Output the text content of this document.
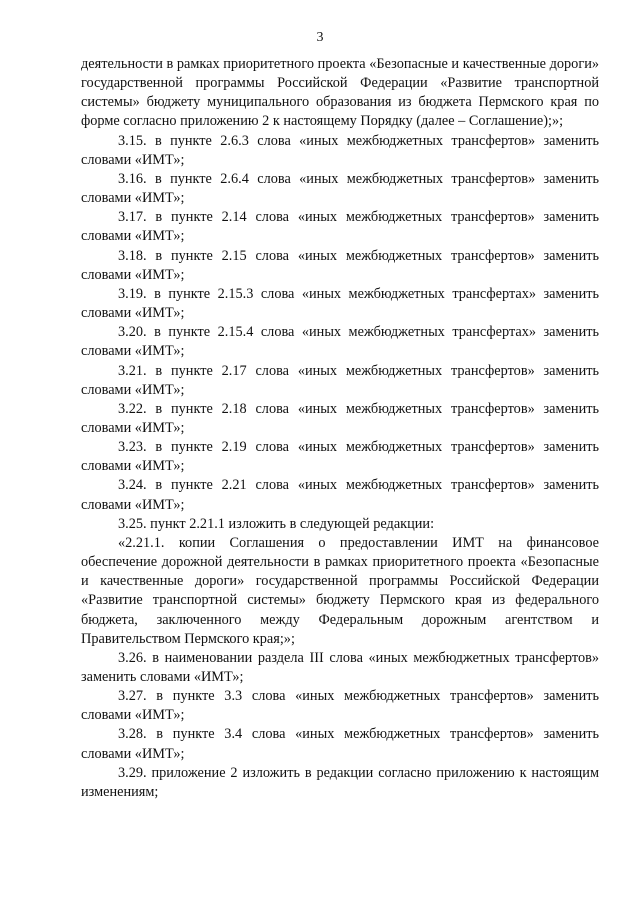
3

деятельности в рамках приоритетного проекта «Безопасные и качественные дороги» государственной программы Российской Федерации «Развитие транспортной системы» бюджету муниципального образования из бюджета Пермского края по форме согласно приложению 2 к настоящему Порядку (далее – Соглашение);»;

3.15. в пункте 2.6.3 слова «иных межбюджетных трансфертов» заменить словами «ИМТ»;

3.16. в пункте 2.6.4 слова «иных межбюджетных трансфертов» заменить словами «ИМТ»;

3.17. в пункте 2.14 слова «иных межбюджетных трансфертов» заменить словами «ИМТ»;

3.18. в пункте 2.15 слова «иных межбюджетных трансфертов» заменить словами «ИМТ»;

3.19. в пункте 2.15.3 слова «иных межбюджетных трансфертах» заменить словами «ИМТ»;

3.20. в пункте 2.15.4 слова «иных межбюджетных трансфертах» заменить словами «ИМТ»;

3.21. в пункте 2.17 слова «иных межбюджетных трансфертов» заменить словами «ИМТ»;

3.22. в пункте 2.18 слова «иных межбюджетных трансфертов» заменить словами «ИМТ»;

3.23. в пункте 2.19 слова «иных межбюджетных трансфертов» заменить словами «ИМТ»;

3.24. в пункте 2.21 слова «иных межбюджетных трансфертов» заменить словами «ИМТ»;

3.25. пункт 2.21.1 изложить в следующей редакции:

«2.21.1. копии Соглашения о предоставлении ИМТ на финансовое обеспечение дорожной деятельности в рамках приоритетного проекта «Безопасные и качественные дороги» государственной программы Российской Федерации «Развитие транспортной системы» бюджету Пермского края из федерального бюджета, заключенного между Федеральным дорожным агентством и Правительством Пермского края;»;

3.26. в наименовании раздела III слова «иных межбюджетных трансфертов» заменить словами «ИМТ»;

3.27. в пункте 3.3 слова «иных межбюджетных трансфертов» заменить словами «ИМТ»;

3.28. в пункте 3.4 слова «иных межбюджетных трансфертов» заменить словами «ИМТ»;

3.29. приложение 2 изложить в редакции согласно приложению к настоящим изменениям;
